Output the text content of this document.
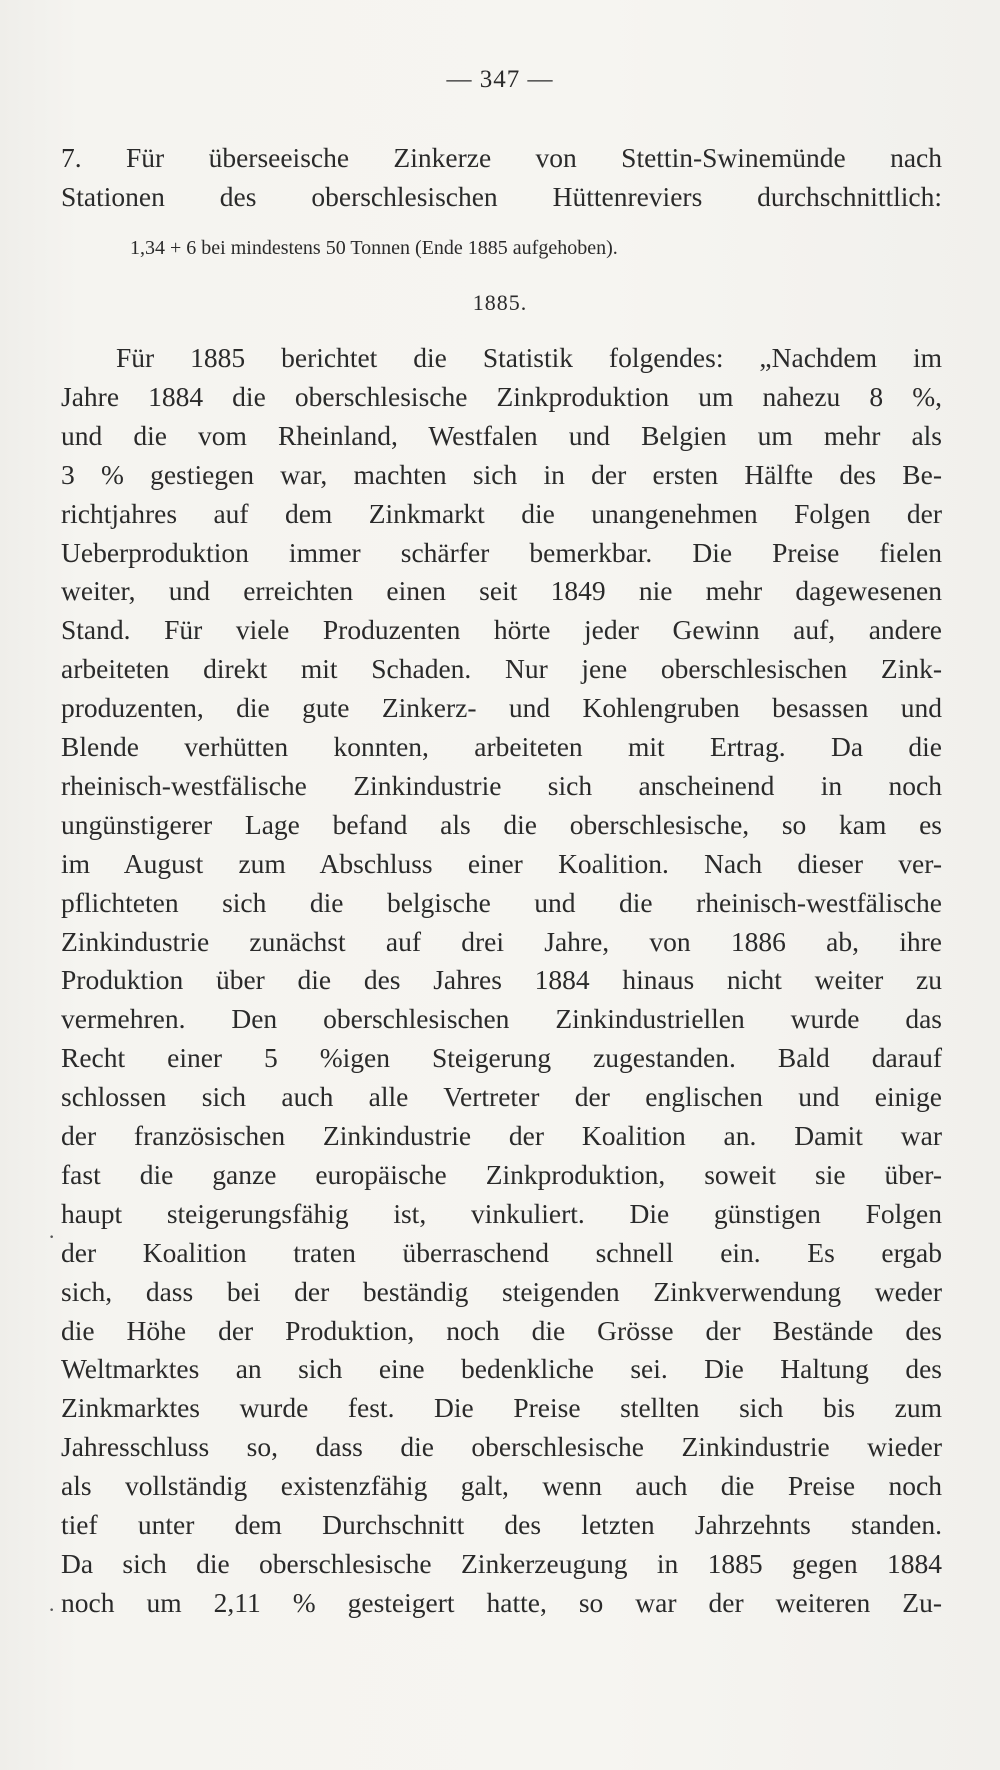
— 347 —
7. Für überseeische Zinkerze von Stettin-Swinemünde nach
Stationen des oberschlesischen Hüttenreviers durchschnittlich:
1,34 + 6 bei mindestens 50 Tonnen (Ende 1885 aufgehoben).
1885.
Für 1885 berichtet die Statistik folgendes: „Nachdem im
Jahre 1884 die oberschlesische Zinkproduktion um nahezu 8 %,
und die vom Rheinland, Westfalen und Belgien um mehr als
3 % gestiegen war, machten sich in der ersten Hälfte des Be-
richtjahres auf dem Zinkmarkt die unangenehmen Folgen der
Ueberproduktion immer schärfer bemerkbar. Die Preise fielen
weiter, und erreichten einen seit 1849 nie mehr dagewesenen
Stand. Für viele Produzenten hörte jeder Gewinn auf, andere
arbeiteten direkt mit Schaden. Nur jene oberschlesischen Zink-
produzenten, die gute Zinkerz- und Kohlengruben besassen und
Blende verhütten konnten, arbeiteten mit Ertrag. Da die
rheinisch-westfälische Zinkindustrie sich anscheinend in noch
ungünstigerer Lage befand als die oberschlesische, so kam es
im August zum Abschluss einer Koalition. Nach dieser ver-
pflichteten sich die belgische und die rheinisch-westfälische
Zinkindustrie zunächst auf drei Jahre, von 1886 ab, ihre
Produktion über die des Jahres 1884 hinaus nicht weiter zu
vermehren. Den oberschlesischen Zinkindustriellen wurde das
Recht einer 5 %igen Steigerung zugestanden. Bald darauf
schlossen sich auch alle Vertreter der englischen und einige
der französischen Zinkindustrie der Koalition an. Damit war
fast die ganze europäische Zinkproduktion, soweit sie über-
haupt steigerungsfähig ist, vinkuliert. Die günstigen Folgen
der Koalition traten überraschend schnell ein. Es ergab
sich, dass bei der beständig steigenden Zinkverwendung weder
die Höhe der Produktion, noch die Grösse der Bestände des
Weltmarktes an sich eine bedenkliche sei. Die Haltung des
Zinkmarktes wurde fest. Die Preise stellten sich bis zum
Jahresschluss so, dass die oberschlesische Zinkindustrie wieder
als vollständig existenzfähig galt, wenn auch die Preise noch
tief unter dem Durchschnitt des letzten Jahrzehnts standen.
Da sich die oberschlesische Zinkerzeugung in 1885 gegen 1884
noch um 2,11 % gesteigert hatte, so war der weiteren Zu-
·
·
